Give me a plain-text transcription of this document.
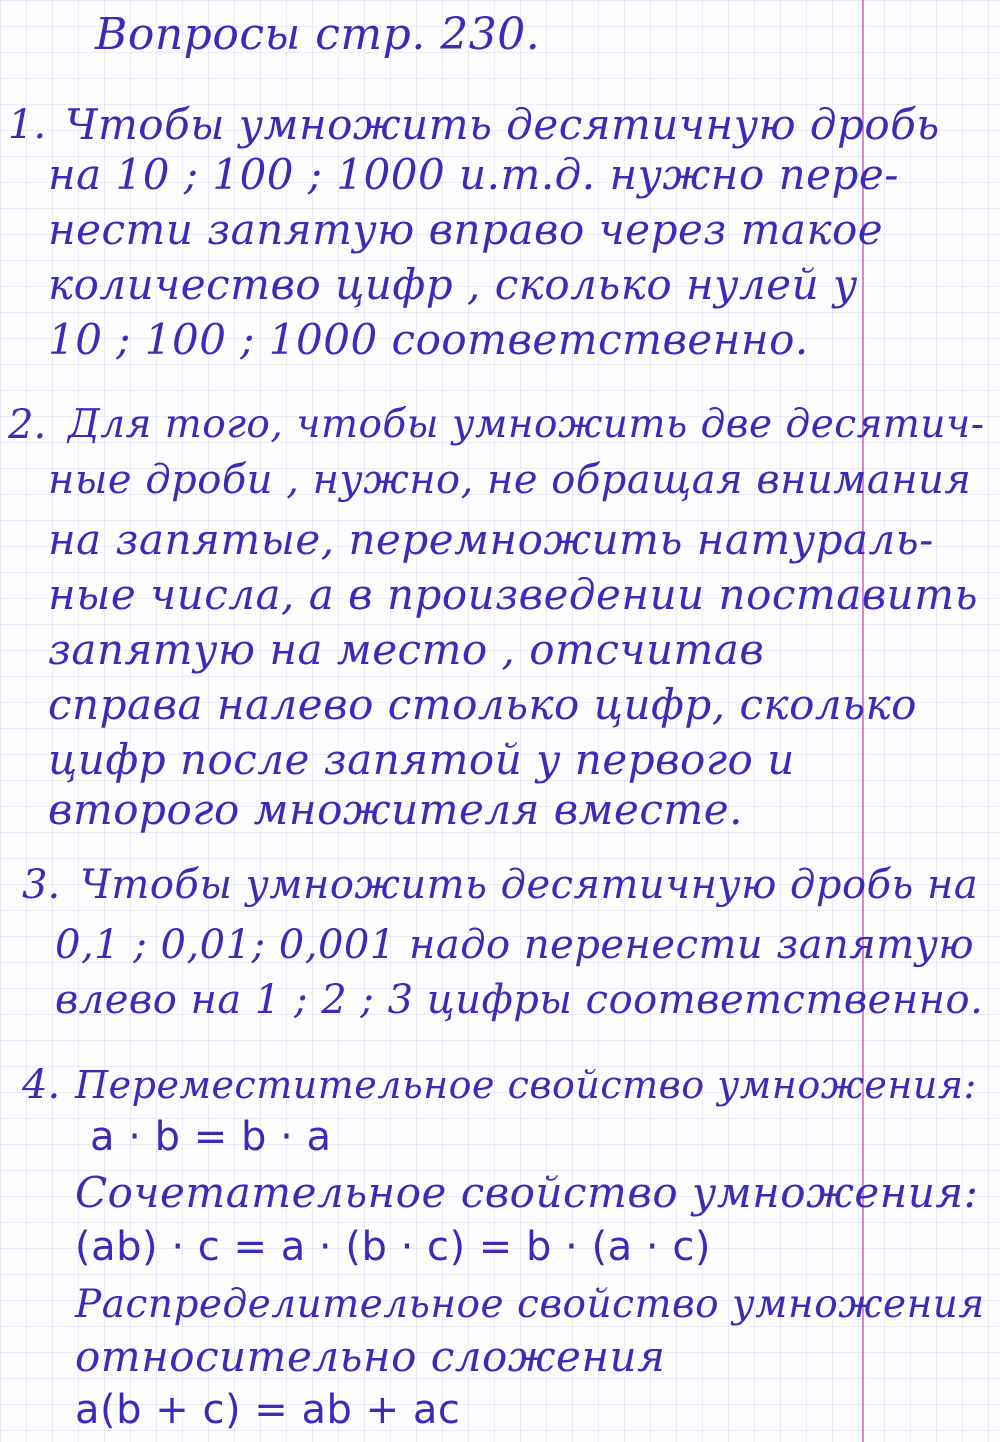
Вопросы стр. 230.
1. Чтобы умножить десятичную дробь
на 10 ; 100 ; 1000 и.т.д. нужно пере-
нести запятую вправо через такое
количество цифр , сколько нулей у
10 ; 100 ; 1000 соответственно.
2. Для того, чтобы умножить две десятич-
ные дроби , нужно, не обращая внимания
на запятые, перемножить натураль-
ные числа, а в произведении поставить
запятую на место , отсчитав
справа налево столько цифр, сколько
цифр после запятой у первого и
второго множителя вместе.
3. Чтобы умножить десятичную дробь на
0,1 ; 0,01; 0,001 надо перенести запятую
влево на 1 ; 2 ; 3 цифры соответственно.
4. Переместительное свойство умножения:
a · b = b · a
Сочетательное свойство умножения:
(ab) · c = a · (b · c) = b · (a · c)
Распределительное свойство умножения
относительно сложения
a(b + c) = ab + ac
